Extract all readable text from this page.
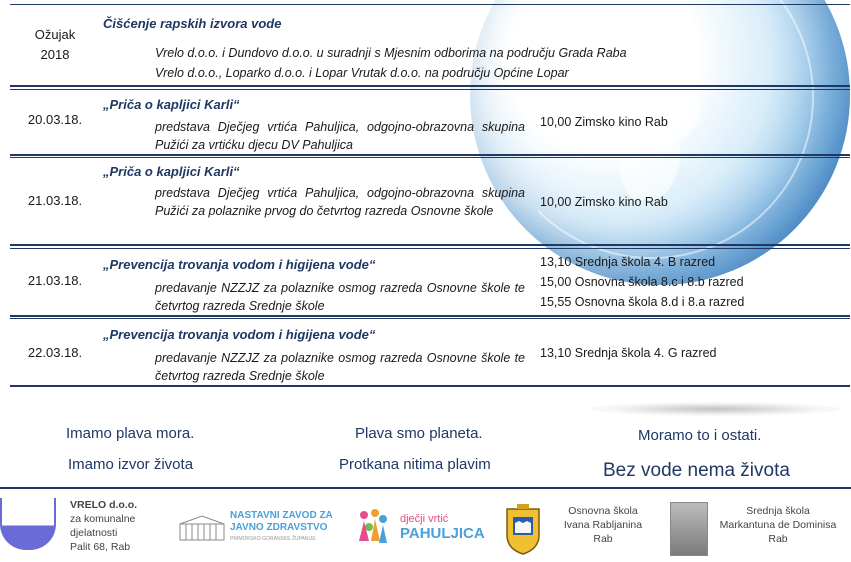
Ožujak
2018
Čišćenje rapskih izvora vode
Vrelo d.o.o. i Dundovo d.o.o. u suradnji s Mjesnim odborima na području Grada Raba
Vrelo d.o.o., Loparko d.o.o. i Lopar Vrutak d.o.o. na području Općine Lopar
20.03.18.
„Priča o kapljici Karli“
predstava Dječjeg vrtića Pahuljica, odgojno-obrazovna skupina Pužići za vrtićku djecu DV Pahuljica
10,00 Zimsko kino Rab
21.03.18.
„Priča o kapljici Karli“
predstava Dječjeg vrtića Pahuljica, odgojno-obrazovna skupina Pužići za polaznike prvog do četvrtog razreda Osnovne škole
10,00 Zimsko kino Rab
21.03.18.
„Prevencija trovanja vodom i higijena vode“
predavanje NZZJZ za polaznike osmog razreda Osnovne škole te četvrtog razreda Srednje škole
13,10 Srednja škola 4. B razred
15,00 Osnovna škola 8.c i 8.b razred
15,55 Osnovna škola 8.d i 8.a razred
22.03.18.
„Prevencija trovanja vodom i higijena vode“
predavanje NZZJZ za polaznike osmog razreda Osnovne škole te četvrtog razreda Srednje škole
13,10 Srednja škola 4. G razred
Imamo plava mora.
Imamo izvor života
Plava smo planeta.
Protkana nitima plavim
Moramo to i ostati.
Bez vode nema života
VRELO d.o.o.
za komunalne
djelatnosti
Palit 68, Rab
NASTAVNI ZAVOD ZA
JAVNO ZDRAVSTVO
PRIMORSKO-GORANSKE ŽUPANIJE
dječji vrtić
PAHULJICA
Osnovna škola
Ivana Rabljanina
Rab
Srednja škola
Markantuna de Dominisa
Rab
